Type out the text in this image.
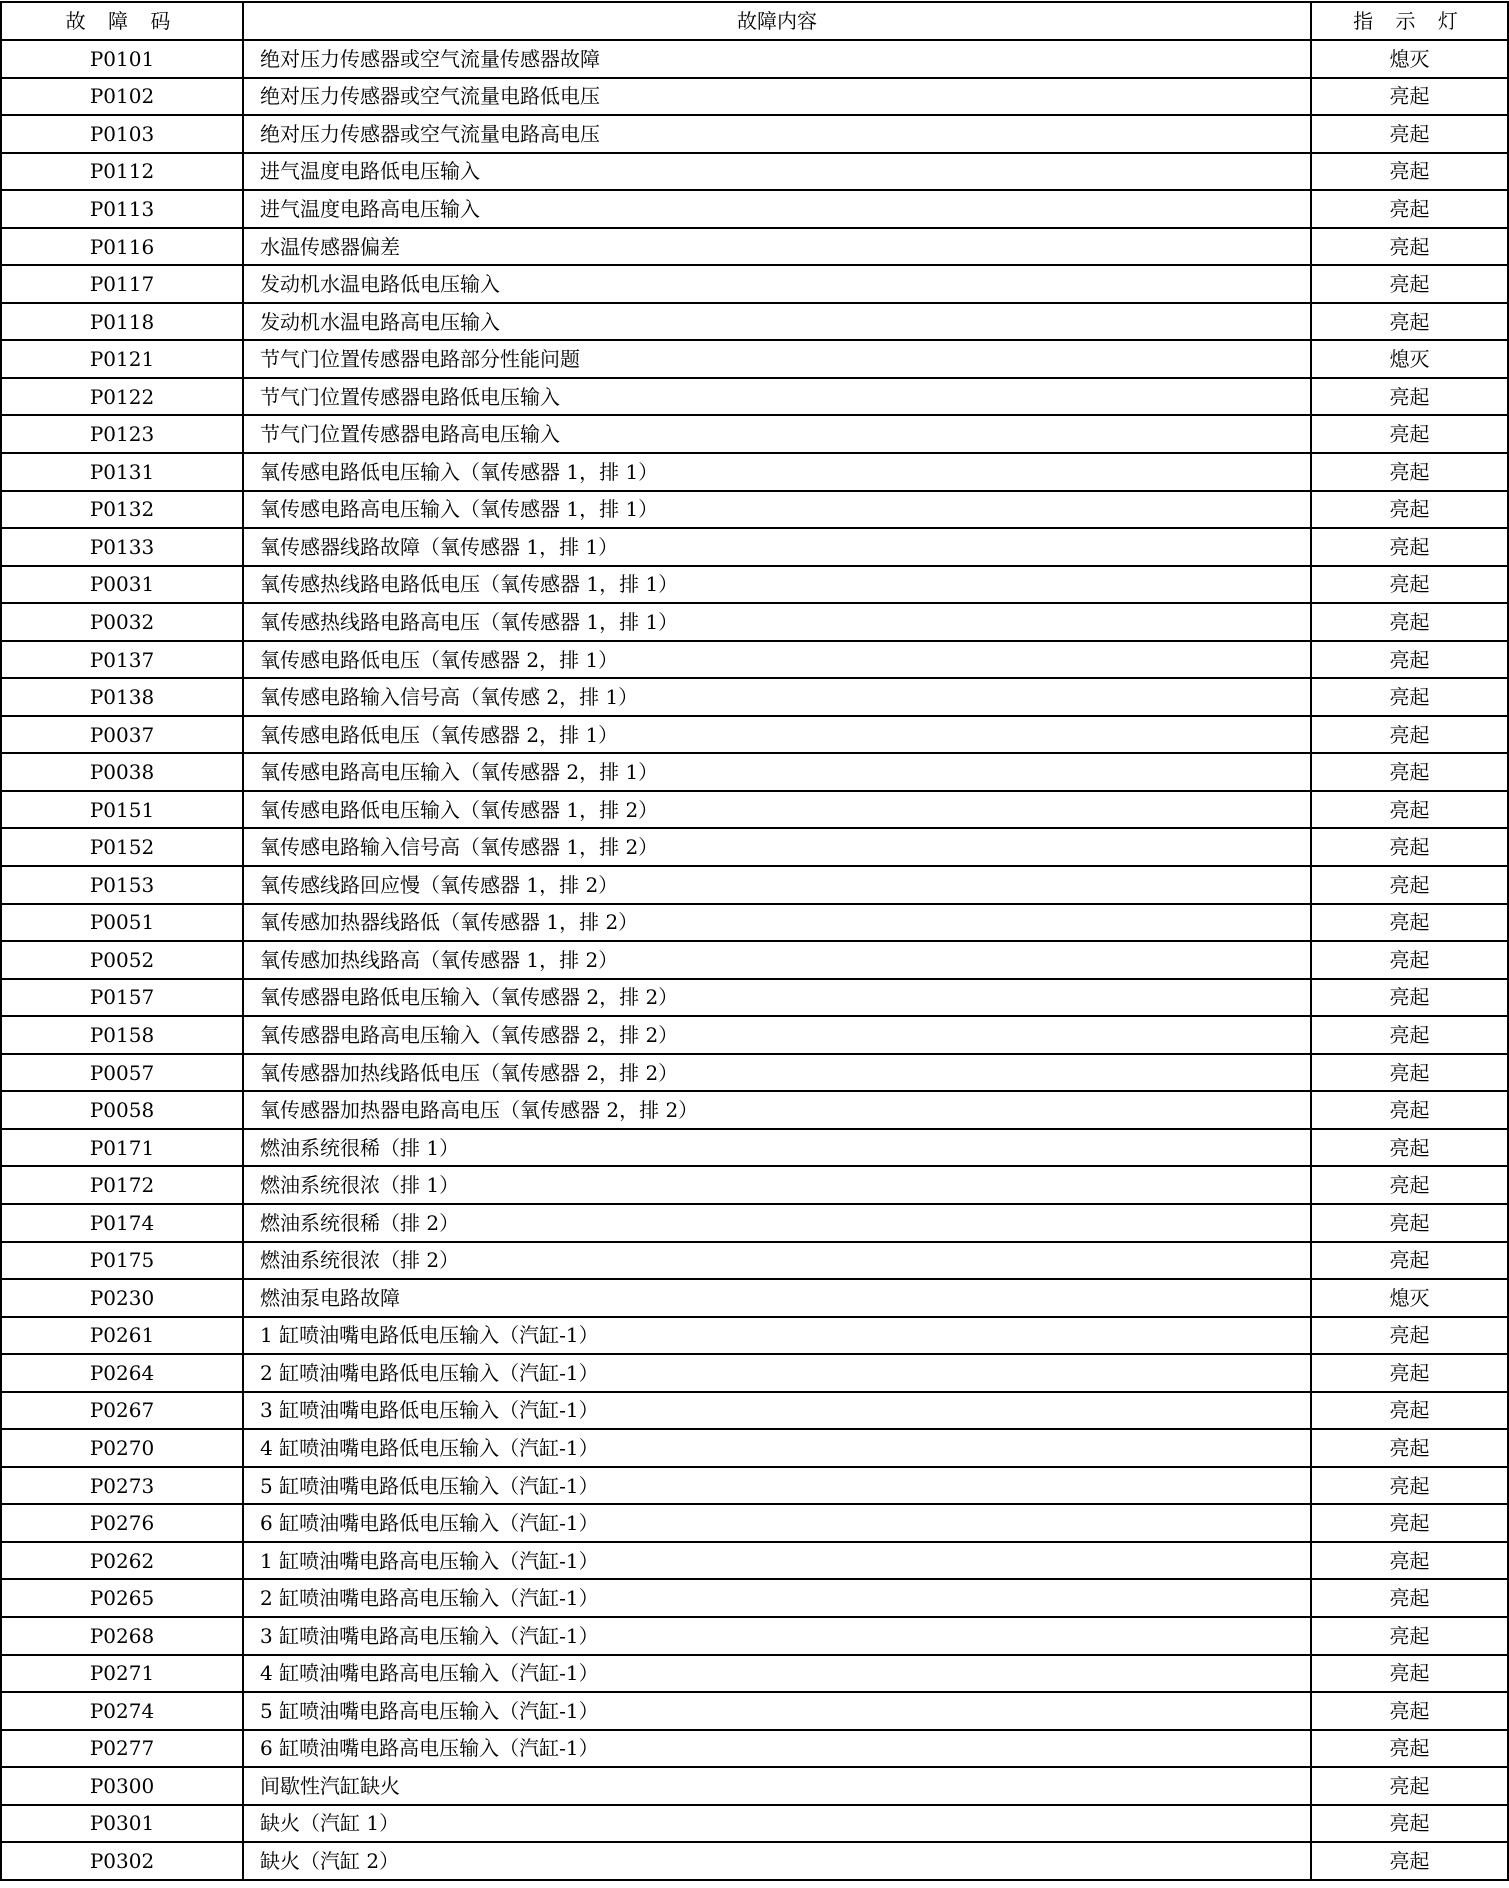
故 障 码	故障内容	指 示 灯
P0101	绝对压力传感器或空气流量传感器故障	熄灭
P0102	绝对压力传感器或空气流量电路低电压	亮起
P0103	绝对压力传感器或空气流量电路高电压	亮起
P0112	进气温度电路低电压输入	亮起
P0113	进气温度电路高电压输入	亮起
P0116	水温传感器偏差	亮起
P0117	发动机水温电路低电压输入	亮起
P0118	发动机水温电路高电压输入	亮起
P0121	节气门位置传感器电路部分性能问题	熄灭
P0122	节气门位置传感器电路低电压输入	亮起
P0123	节气门位置传感器电路高电压输入	亮起
P0131	氧传感电路低电压输入（氧传感器 1，排 1）	亮起
P0132	氧传感电路高电压输入（氧传感器 1，排 1）	亮起
P0133	氧传感器线路故障（氧传感器 1，排 1）	亮起
P0031	氧传感热线路电路低电压（氧传感器 1，排 1）	亮起
P0032	氧传感热线路电路高电压（氧传感器 1，排 1）	亮起
P0137	氧传感电路低电压（氧传感器 2，排 1）	亮起
P0138	氧传感电路输入信号高（氧传感 2，排 1）	亮起
P0037	氧传感电路低电压（氧传感器 2，排 1）	亮起
P0038	氧传感电路高电压输入（氧传感器 2，排 1）	亮起
P0151	氧传感电路低电压输入（氧传感器 1，排 2）	亮起
P0152	氧传感电路输入信号高（氧传感器 1，排 2）	亮起
P0153	氧传感线路回应慢（氧传感器 1，排 2）	亮起
P0051	氧传感加热器线路低（氧传感器 1，排 2）	亮起
P0052	氧传感加热线路高（氧传感器 1，排 2）	亮起
P0157	氧传感器电路低电压输入（氧传感器 2，排 2）	亮起
P0158	氧传感器电路高电压输入（氧传感器 2，排 2）	亮起
P0057	氧传感器加热线路低电压（氧传感器 2，排 2）	亮起
P0058	氧传感器加热器电路高电压（氧传感器 2，排 2）	亮起
P0171	燃油系统很稀（排 1）	亮起
P0172	燃油系统很浓（排 1）	亮起
P0174	燃油系统很稀（排 2）	亮起
P0175	燃油系统很浓（排 2）	亮起
P0230	燃油泵电路故障	熄灭
P0261	1 缸喷油嘴电路低电压输入（汽缸-1）	亮起
P0264	2 缸喷油嘴电路低电压输入（汽缸-1）	亮起
P0267	3 缸喷油嘴电路低电压输入（汽缸-1）	亮起
P0270	4 缸喷油嘴电路低电压输入（汽缸-1）	亮起
P0273	5 缸喷油嘴电路低电压输入（汽缸-1）	亮起
P0276	6 缸喷油嘴电路低电压输入（汽缸-1）	亮起
P0262	1 缸喷油嘴电路高电压输入（汽缸-1）	亮起
P0265	2 缸喷油嘴电路高电压输入（汽缸-1）	亮起
P0268	3 缸喷油嘴电路高电压输入（汽缸-1）	亮起
P0271	4 缸喷油嘴电路高电压输入（汽缸-1）	亮起
P0274	5 缸喷油嘴电路高电压输入（汽缸-1）	亮起
P0277	6 缸喷油嘴电路高电压输入（汽缸-1）	亮起
P0300	间歇性汽缸缺火	亮起
P0301	缺火（汽缸 1）	亮起
P0302	缺火（汽缸 2）	亮起
